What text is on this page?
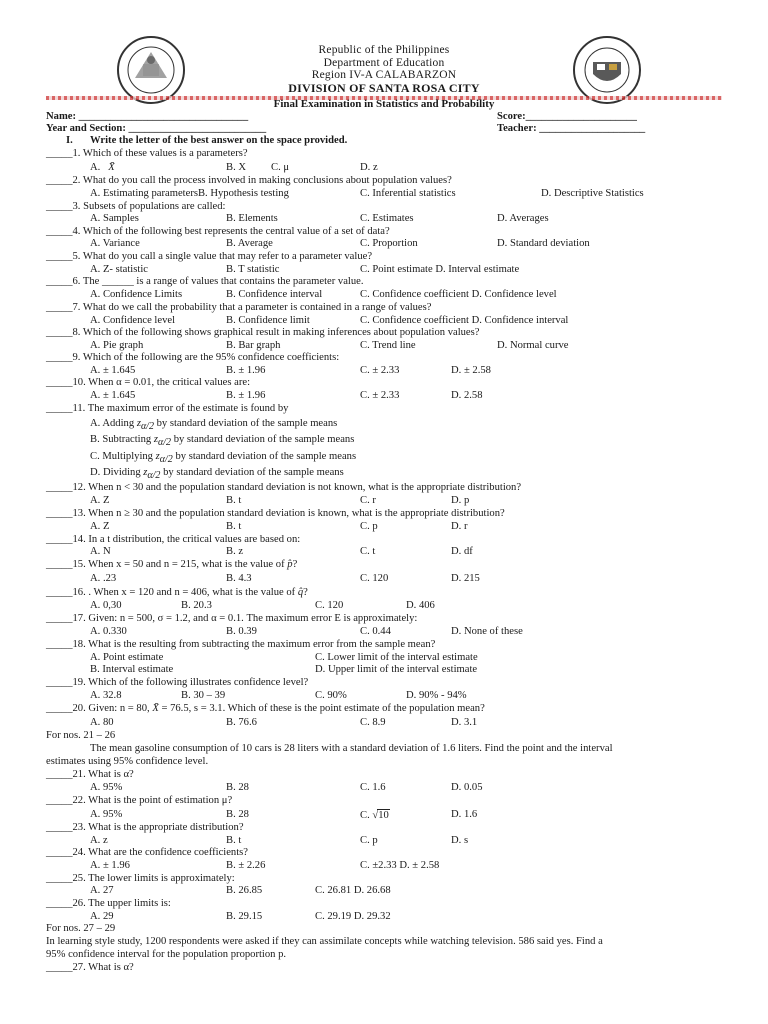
Republic of the Philippines
Department of Education
Region IV-A CALABARZON
DIVISION OF SANTA ROSA CITY
Final Examination in Statistics and Probability
Name: ________________________________	Score:_____________________
Year and Section: __________________________	Teacher: ____________________
I. Write the letter of the best answer on the space provided.
_____1. Which of these values is a parameters?
A. X̄	B. X C. μ	D. z
_____2. What do you call the process involved in making conclusions about population values?
A. Estimating parametersB. Hypothesis testing	C. Inferential statistics	D. Descriptive Statistics
_____3. Subsets of populations are called:
A. Samples	B. Elements	C. Estimates	D. Averages
_____4. Which of the following best represents the central value of a set of data?
A. Variance	B. Average	C. Proportion	D. Standard deviation
_____5. What do you call a single value that may refer to a parameter value?
A. Z- statistic	B. T statistic	C. Point estimate D. Interval estimate
_____6. The ______ is a range of values that contains the parameter value.
A. Confidence Limits	B. Confidence interval	C. Confidence coefficient D. Confidence level
_____7. What do we call the probability that a parameter is contained in a range of values?
A. Confidence level	B. Confidence limit	C. Confidence coefficient D. Confidence interval
_____8. Which of the following shows graphical result in making inferences about population values?
A. Pie graph	B. Bar graph	C. Trend line	D. Normal curve
_____9. Which of the following are the 95% confidence coefficients:
A. ± 1.645	B. ± 1.96	C. ± 2.33	D. ± 2.58
_____10. When α = 0.01, the critical values are:
A. ± 1.645	B. ± 1.96	C. ± 2.33	D. 2.58
_____11. The maximum error of the estimate is found by
A. Adding $z_{\alpha/2}$ by standard deviation of the sample means
B. Subtracting $z_{\alpha/2}$ by standard deviation of the sample means
C. Multiplying $z_{\alpha/2}$ by standard deviation of the sample means
D. Dividing $z_{\alpha/2}$ by standard deviation of the sample means
_____12. When n < 30 and the population standard deviation is not known, what is the appropriate distribution?
A. Z	B. t	C. r	D. p
_____13. When n ≥ 30 and the population standard deviation is known, what is the appropriate distribution?
A. Z	B. t	C. p	D. r
_____14. In a t distribution, the critical values are based on:
A. N	B. z	C. t	D. df
_____15. When x = 50 and n = 215, what is the value of p̂?
A. .23	B. 4.3	C. 120	D. 215
_____16. . When x = 120 and n = 406, what is the value of q̂?
A. 0,30	B. 20.3	C. 120	D. 406
_____17. Given: n = 500, σ = 1.2, and α = 0.1. The maximum error E is approximately:
A. 0.330	B. 0.39	C. 0.44	D. None of these
_____18. What is the resulting from subtracting the maximum error from the sample mean?
A. Point estimate	C. Lower limit of the interval estimate
B. Interval estimate	D. Upper limit of the interval estimate
_____19. Which of the following illustrates confidence level?
A. 32.8	B. 30 – 39	C. 90%	D. 90% - 94%
_____20. Given: n = 80, X̄ = 76.5, s = 3.1. Which of these is the point estimate of the population mean?
A. 80	B. 76.6	C. 8.9	D. 3.1
For nos. 21 – 26
The mean gasoline consumption of 10 cars is 28 liters with a standard deviation of 1.6 liters. Find the point and the interval
estimates using 95% confidence level.
_____21. What is α?
A. 95%	B. 28	C. 1.6	D. 0.05
_____22. What is the point of estimation μ?
A. 95%	B. 28	C. √10	D. 1.6
_____23. What is the appropriate distribution?
A. z	B. t	C. p	D. s
_____24. What are the confidence coefficients?
A. ± 1.96	B. ± 2.26	C. ±2.33 D. ± 2.58
_____25. The lower limits is approximately:
A. 27	B. 26.85	C. 26.81 D. 26.68
_____26. The upper limits is:
A. 29	B. 29.15	C. 29.19 D. 29.32
For nos. 27 – 29
In learning style study, 1200 respondents were asked if they can assimilate concepts while watching television. 586 said yes. Find a
95% confidence interval for the population proportion p.
_____27. What is α?
